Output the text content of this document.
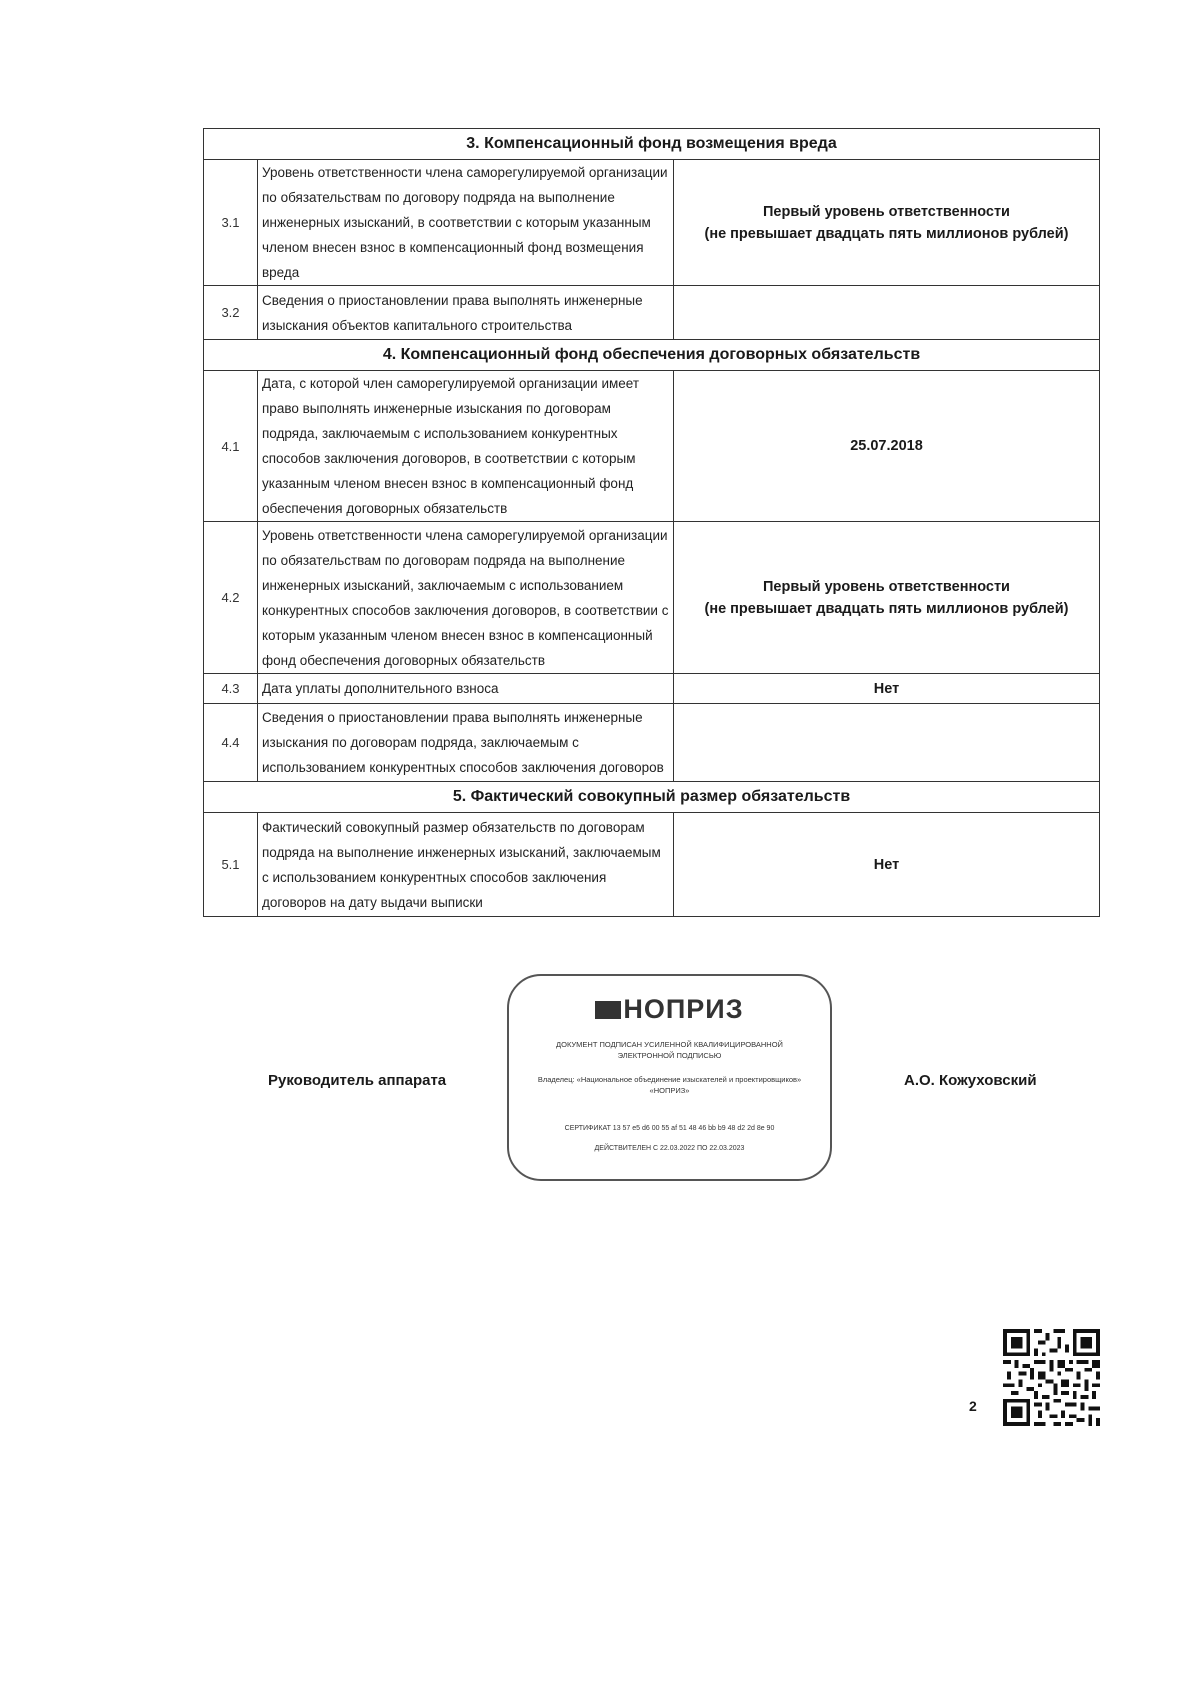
3. Компенсационный фонд возмещения вреда		
3.1	Уровень ответственности члена саморегулируемой организации по обязательствам по договору подряда на выполнение инженерных изысканий, в соответствии с которым указанным членом внесен взнос в компенсационный фонд возмещения вреда	Первый уровень ответственности
(не превышает двадцать пять миллионов рублей)
3.2	Сведения о приостановлении права выполнять инженерные изыскания объектов капитального строительства	
4. Компенсационный фонд обеспечения договорных обязательств		
4.1	Дата, с которой член саморегулируемой организации имеет право выполнять инженерные изыскания по договорам подряда, заключаемым с использованием конкурентных способов заключения договоров, в соответствии с которым указанным членом внесен взнос в компенсационный фонд обеспечения договорных обязательств	25.07.2018
4.2	Уровень ответственности члена саморегулируемой организации по обязательствам по договорам подряда на выполнение инженерных изысканий, заключаемым с использованием конкурентных способов заключения договоров, в соответствии с которым указанным членом внесен взнос в компенсационный фонд обеспечения договорных обязательств	Первый уровень ответственности
(не превышает двадцать пять миллионов рублей)
4.3	Дата уплаты дополнительного взноса	Нет
4.4	Сведения о приостановлении права выполнять инженерные изыскания по договорам подряда, заключаемым с использованием конкурентных способов заключения договоров	
5. Фактический совокупный размер обязательств		
5.1	Фактический совокупный размер обязательств по договорам подряда на выполнение инженерных изысканий, заключаемым с использованием конкурентных способов заключения договоров на дату выдачи выписки	Нет
Руководитель аппарата
НОПРИЗ
ДОКУМЕНТ ПОДПИСАН УСИЛЕННОЙ КВАЛИФИЦИРОВАННОЙ ЭЛЕКТРОННОЙ ПОДПИСЬЮ
Владелец: «Национальное объединение изыскателей и проектировщиков» «НОПРИЗ»
СЕРТИФИКАТ 13 57 e5 d6 00 55 af 51 48 46 bb b9 48 d2 2d 8e 90
ДЕЙСТВИТЕЛЕН С 22.03.2022 ПО 22.03.2023
А.О. Кожуховский
2
